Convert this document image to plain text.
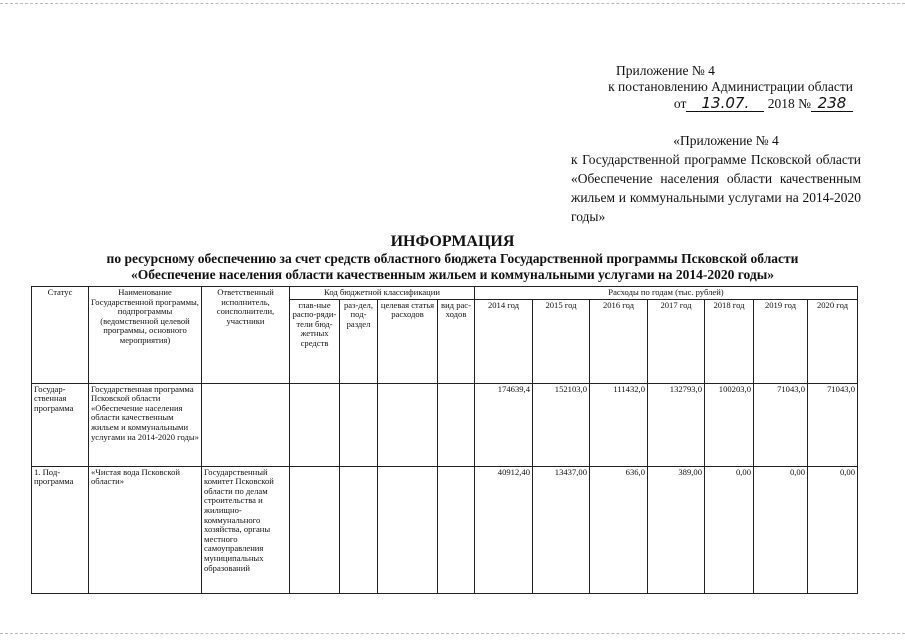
Приложение № 4
к постановлению Администрации области
от 13.07. 2018 № 238
«Приложение № 4
к Государственной программе Псковской области «Обеспечение населения области качественным жильем и коммунальными услугами на 2014-2020 годы»
ИНФОРМАЦИЯ
по ресурсному обеспечению за счет средств областного бюджета Государственной программы Псковской области
«Обеспечение населения области качественным жильем и коммунальными услугами на 2014-2020 годы»
Статус	Наименование Государственной программы, подпрограммы (ведомственной целевой программы, основного мероприятия)	Ответственный исполнитель, соисполнители, участники	Код бюджетной классификации				Расходы по годам (тыс. рублей)						
			глав-ные распо-ряди-тели бюд-жетных средств	раз-дел, под-раздел	целевая статья расходов	вид рас-ходов	2014 год	2015 год	2016 год	2017 год	2018 год	2019 год	2020 год
Государ-ственная программа	Государственная программа Псковской области «Обеспечение населения области качественным жильем и коммунальными услугами на 2014-2020 годы»						174639,4	152103,0	111432,0	132793,0	100203,0	71043,0	71043,0
1. Под-программа	«Чистая вода Псковской области»	Государственный комитет Псковской области по делам строительства и жилищно-коммунального хозяйства, органы местного самоуправления муниципальных образований					40912,40	13437,00	636,0	389,00	0,00	0,00	0,00
